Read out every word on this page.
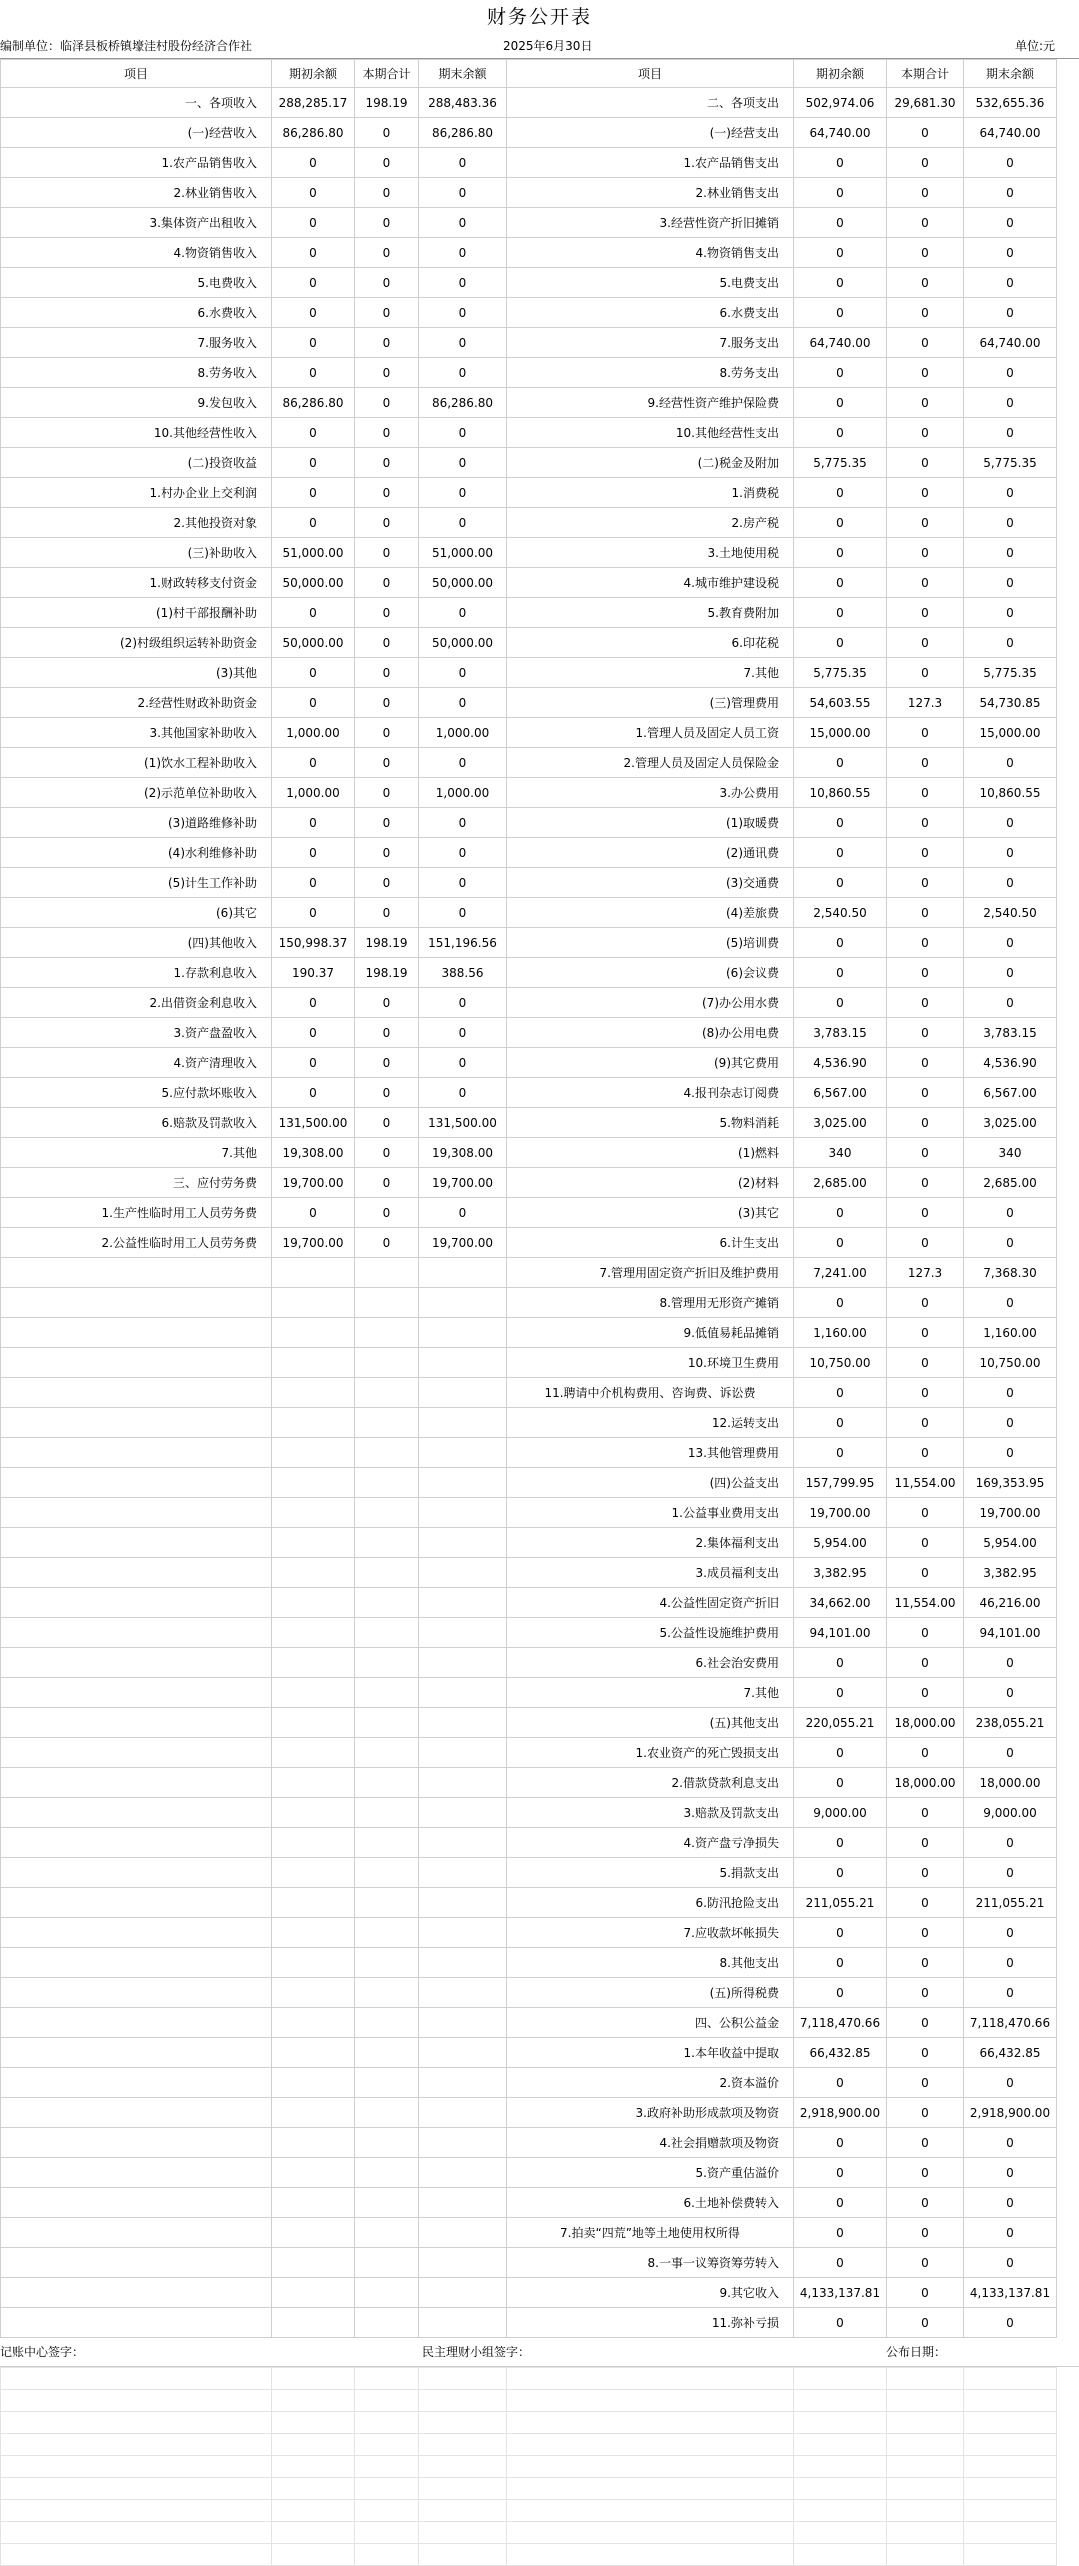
财务公开表
编制单位：临泽县板桥镇壕洼村股份经济合作社	2025年6月30日	单位:元
项目	期初余额	本期合计	期末余额	项目	期初余额	本期合计	期末余额
一、各项收入	288,285.17	198.19	288,483.36	二、各项支出	502,974.06	29,681.30	532,655.36
(一)经营收入	86,286.80	0	86,286.80	(一)经营支出	64,740.00	0	64,740.00
1.农产品销售收入	0	0	0	1.农产品销售支出	0	0	0
2.林业销售收入	0	0	0	2.林业销售支出	0	0	0
3.集体资产出租收入	0	0	0	3.经营性资产折旧摊销	0	0	0
4.物资销售收入	0	0	0	4.物资销售支出	0	0	0
5.电费收入	0	0	0	5.电费支出	0	0	0
6.水费收入	0	0	0	6.水费支出	0	0	0
7.服务收入	0	0	0	7.服务支出	64,740.00	0	64,740.00
8.劳务收入	0	0	0	8.劳务支出	0	0	0
9.发包收入	86,286.80	0	86,286.80	9.经营性资产维护保险费	0	0	0
10.其他经营性收入	0	0	0	10.其他经营性支出	0	0	0
(二)投资收益	0	0	0	(二)税金及附加	5,775.35	0	5,775.35
1.村办企业上交利润	0	0	0	1.消费税	0	0	0
2.其他投资对象	0	0	0	2.房产税	0	0	0
(三)补助收入	51,000.00	0	51,000.00	3.土地使用税	0	0	0
1.财政转移支付资金	50,000.00	0	50,000.00	4.城市维护建设税	0	0	0
(1)村干部报酬补助	0	0	0	5.教育费附加	0	0	0
(2)村级组织运转补助资金	50,000.00	0	50,000.00	6.印花税	0	0	0
(3)其他	0	0	0	7.其他	5,775.35	0	5,775.35
2.经营性财政补助资金	0	0	0	(三)管理费用	54,603.55	127.3	54,730.85
3.其他国家补助收入	1,000.00	0	1,000.00	1.管理人员及固定人员工资	15,000.00	0	15,000.00
(1)饮水工程补助收入	0	0	0	2.管理人员及固定人员保险金	0	0	0
(2)示范单位补助收入	1,000.00	0	1,000.00	3.办公费用	10,860.55	0	10,860.55
(3)道路维修补助	0	0	0	(1)取暖费	0	0	0
(4)水利维修补助	0	0	0	(2)通讯费	0	0	0
(5)计生工作补助	0	0	0	(3)交通费	0	0	0
(6)其它	0	0	0	(4)差旅费	2,540.50	0	2,540.50
(四)其他收入	150,998.37	198.19	151,196.56	(5)培训费	0	0	0
1.存款利息收入	190.37	198.19	388.56	(6)会议费	0	0	0
2.出借资金利息收入	0	0	0	(7)办公用水费	0	0	0
3.资产盘盈收入	0	0	0	(8)办公用电费	3,783.15	0	3,783.15
4.资产清理收入	0	0	0	(9)其它费用	4,536.90	0	4,536.90
5.应付款坏账收入	0	0	0	4.报刊杂志订阅费	6,567.00	0	6,567.00
6.赔款及罚款收入	131,500.00	0	131,500.00	5.物料消耗	3,025.00	0	3,025.00
7.其他	19,308.00	0	19,308.00	(1)燃料	340	0	340
三、应付劳务费	19,700.00	0	19,700.00	(2)材料	2,685.00	0	2,685.00
1.生产性临时用工人员劳务费	0	0	0	(3)其它	0	0	0
2.公益性临时用工人员劳务费	19,700.00	0	19,700.00	6.计生支出	0	0	0
				7.管理用固定资产折旧及维护费用	7,241.00	127.3	7,368.30
				8.管理用无形资产摊销	0	0	0
				9.低值易耗品摊销	1,160.00	0	1,160.00
				10.环境卫生费用	10,750.00	0	10,750.00
				11.聘请中介机构费用、咨询费、诉讼费	0	0	0
				12.运转支出	0	0	0
				13.其他管理费用	0	0	0
				(四)公益支出	157,799.95	11,554.00	169,353.95
				1.公益事业费用支出	19,700.00	0	19,700.00
				2.集体福利支出	5,954.00	0	5,954.00
				3.成员福利支出	3,382.95	0	3,382.95
				4.公益性固定资产折旧	34,662.00	11,554.00	46,216.00
				5.公益性设施维护费用	94,101.00	0	94,101.00
				6.社会治安费用	0	0	0
				7.其他	0	0	0
				(五)其他支出	220,055.21	18,000.00	238,055.21
				1.农业资产的死亡毁损支出	0	0	0
				2.借款贷款利息支出	0	18,000.00	18,000.00
				3.赔款及罚款支出	9,000.00	0	9,000.00
				4.资产盘亏净损失	0	0	0
				5.捐款支出	0	0	0
				6.防汛抢险支出	211,055.21	0	211,055.21
				7.应收款坏帐损失	0	0	0
				8.其他支出	0	0	0
				(五)所得税费	0	0	0
				四、公积公益金	7,118,470.66	0	7,118,470.66
				1.本年收益中提取	66,432.85	0	66,432.85
				2.资本溢价	0	0	0
				3.政府补助形成款项及物资	2,918,900.00	0	2,918,900.00
				4.社会捐赠款项及物资	0	0	0
				5.资产重估溢价	0	0	0
				6.土地补偿费转入	0	0	0
				7.拍卖“四荒”地等土地使用权所得	0	0	0
				8.一事一议筹资筹劳转入	0	0	0
				9.其它收入	4,133,137.81	0	4,133,137.81
				11.弥补亏损	0	0	0
记账中心签字：	民主理财小组签字：	公布日期：
